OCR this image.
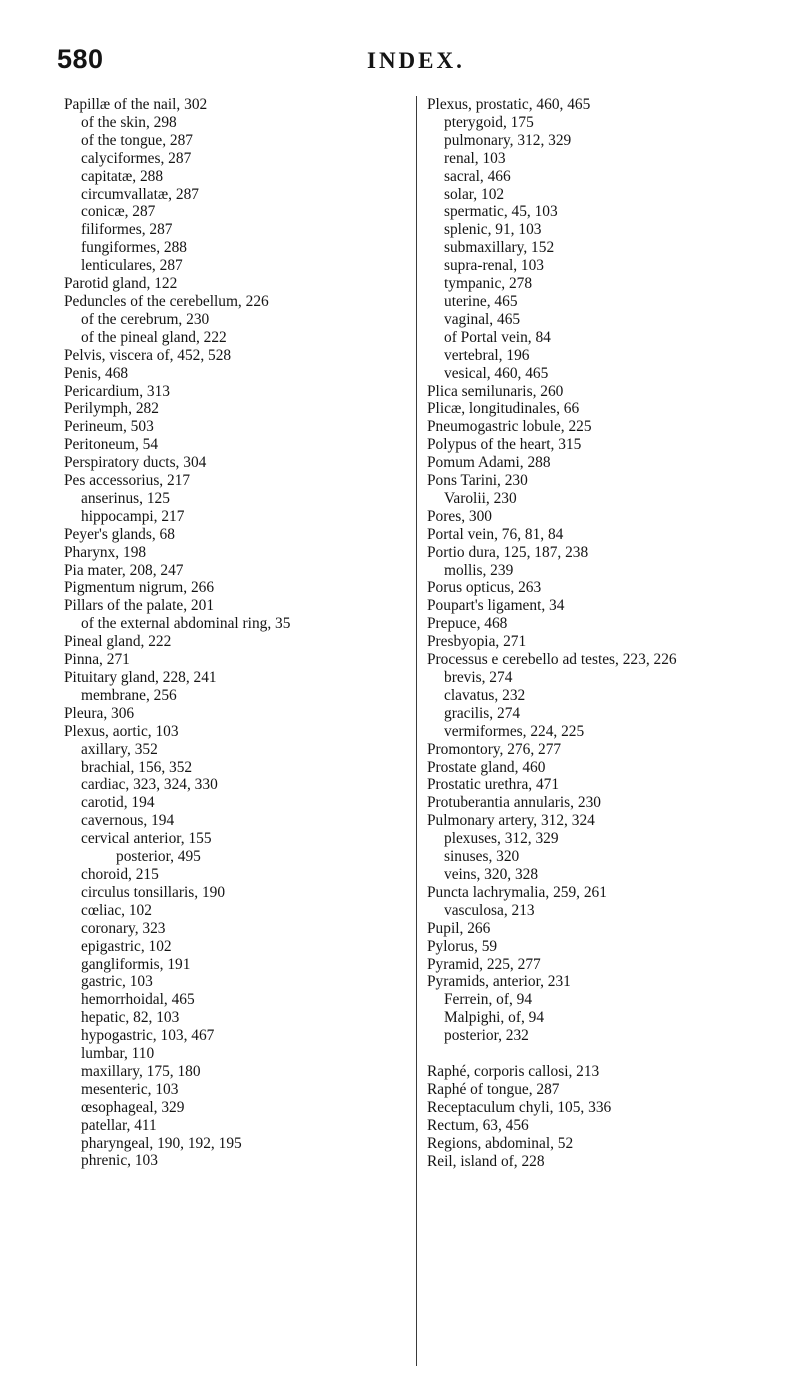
580	INDEX.
Papillæ of the nail, 302
of the skin, 298
of the tongue, 287
calyciformes, 287
capitatæ, 288
circumvallatæ, 287
conicæ, 287
filiformes, 287
fungiformes, 288
lenticulares, 287
Parotid gland, 122
Peduncles of the cerebellum, 226
of the cerebrum, 230
of the pineal gland, 222
Pelvis, viscera of, 452, 528
Penis, 468
Pericardium, 313
Perilymph, 282
Perineum, 503
Peritoneum, 54
Perspiratory ducts, 304
Pes accessorius, 217
anserinus, 125
hippocampi, 217
Peyer's glands, 68
Pharynx, 198
Pia mater, 208, 247
Pigmentum nigrum, 266
Pillars of the palate, 201
of the external abdominal ring, 35
Pineal gland, 222
Pinna, 271
Pituitary gland, 228, 241
membrane, 256
Pleura, 306
Plexus, aortic, 103
axillary, 352
brachial, 156, 352
cardiac, 323, 324, 330
carotid, 194
cavernous, 194
cervical anterior, 155
posterior, 495
choroid, 215
circulus tonsillaris, 190
cœliac, 102
coronary, 323
epigastric, 102
gangliformis, 191
gastric, 103
hemorrhoidal, 465
hepatic, 82, 103
hypogastric, 103, 467
lumbar, 110
maxillary, 175, 180
mesenteric, 103
œsophageal, 329
patellar, 411
pharyngeal, 190, 192, 195
phrenic, 103
Plexus, prostatic, 460, 465
pterygoid, 175
pulmonary, 312, 329
renal, 103
sacral, 466
solar, 102
spermatic, 45, 103
splenic, 91, 103
submaxillary, 152
supra-renal, 103
tympanic, 278
uterine, 465
vaginal, 465
of Portal vein, 84
vertebral, 196
vesical, 460, 465
Plica semilunaris, 260
Plicæ, longitudinales, 66
Pneumogastric lobule, 225
Polypus of the heart, 315
Pomum Adami, 288
Pons Tarini, 230
Varolii, 230
Pores, 300
Portal vein, 76, 81, 84
Portio dura, 125, 187, 238
mollis, 239
Porus opticus, 263
Poupart's ligament, 34
Prepuce, 468
Presbyopia, 271
Processus e cerebello ad testes, 223, 226
brevis, 274
clavatus, 232
gracilis, 274
vermiformes, 224, 225
Promontory, 276, 277
Prostate gland, 460
Prostatic urethra, 471
Protuberantia annularis, 230
Pulmonary artery, 312, 324
plexuses, 312, 329
sinuses, 320
veins, 320, 328
Puncta lachrymalia, 259, 261
vasculosa, 213
Pupil, 266
Pylorus, 59
Pyramid, 225, 277
Pyramids, anterior, 231
Ferrein, of, 94
Malpighi, of, 94
posterior, 232
Raphé, corporis callosi, 213
Raphé of tongue, 287
Receptaculum chyli, 105, 336
Rectum, 63, 456
Regions, abdominal, 52
Reil, island of, 228
